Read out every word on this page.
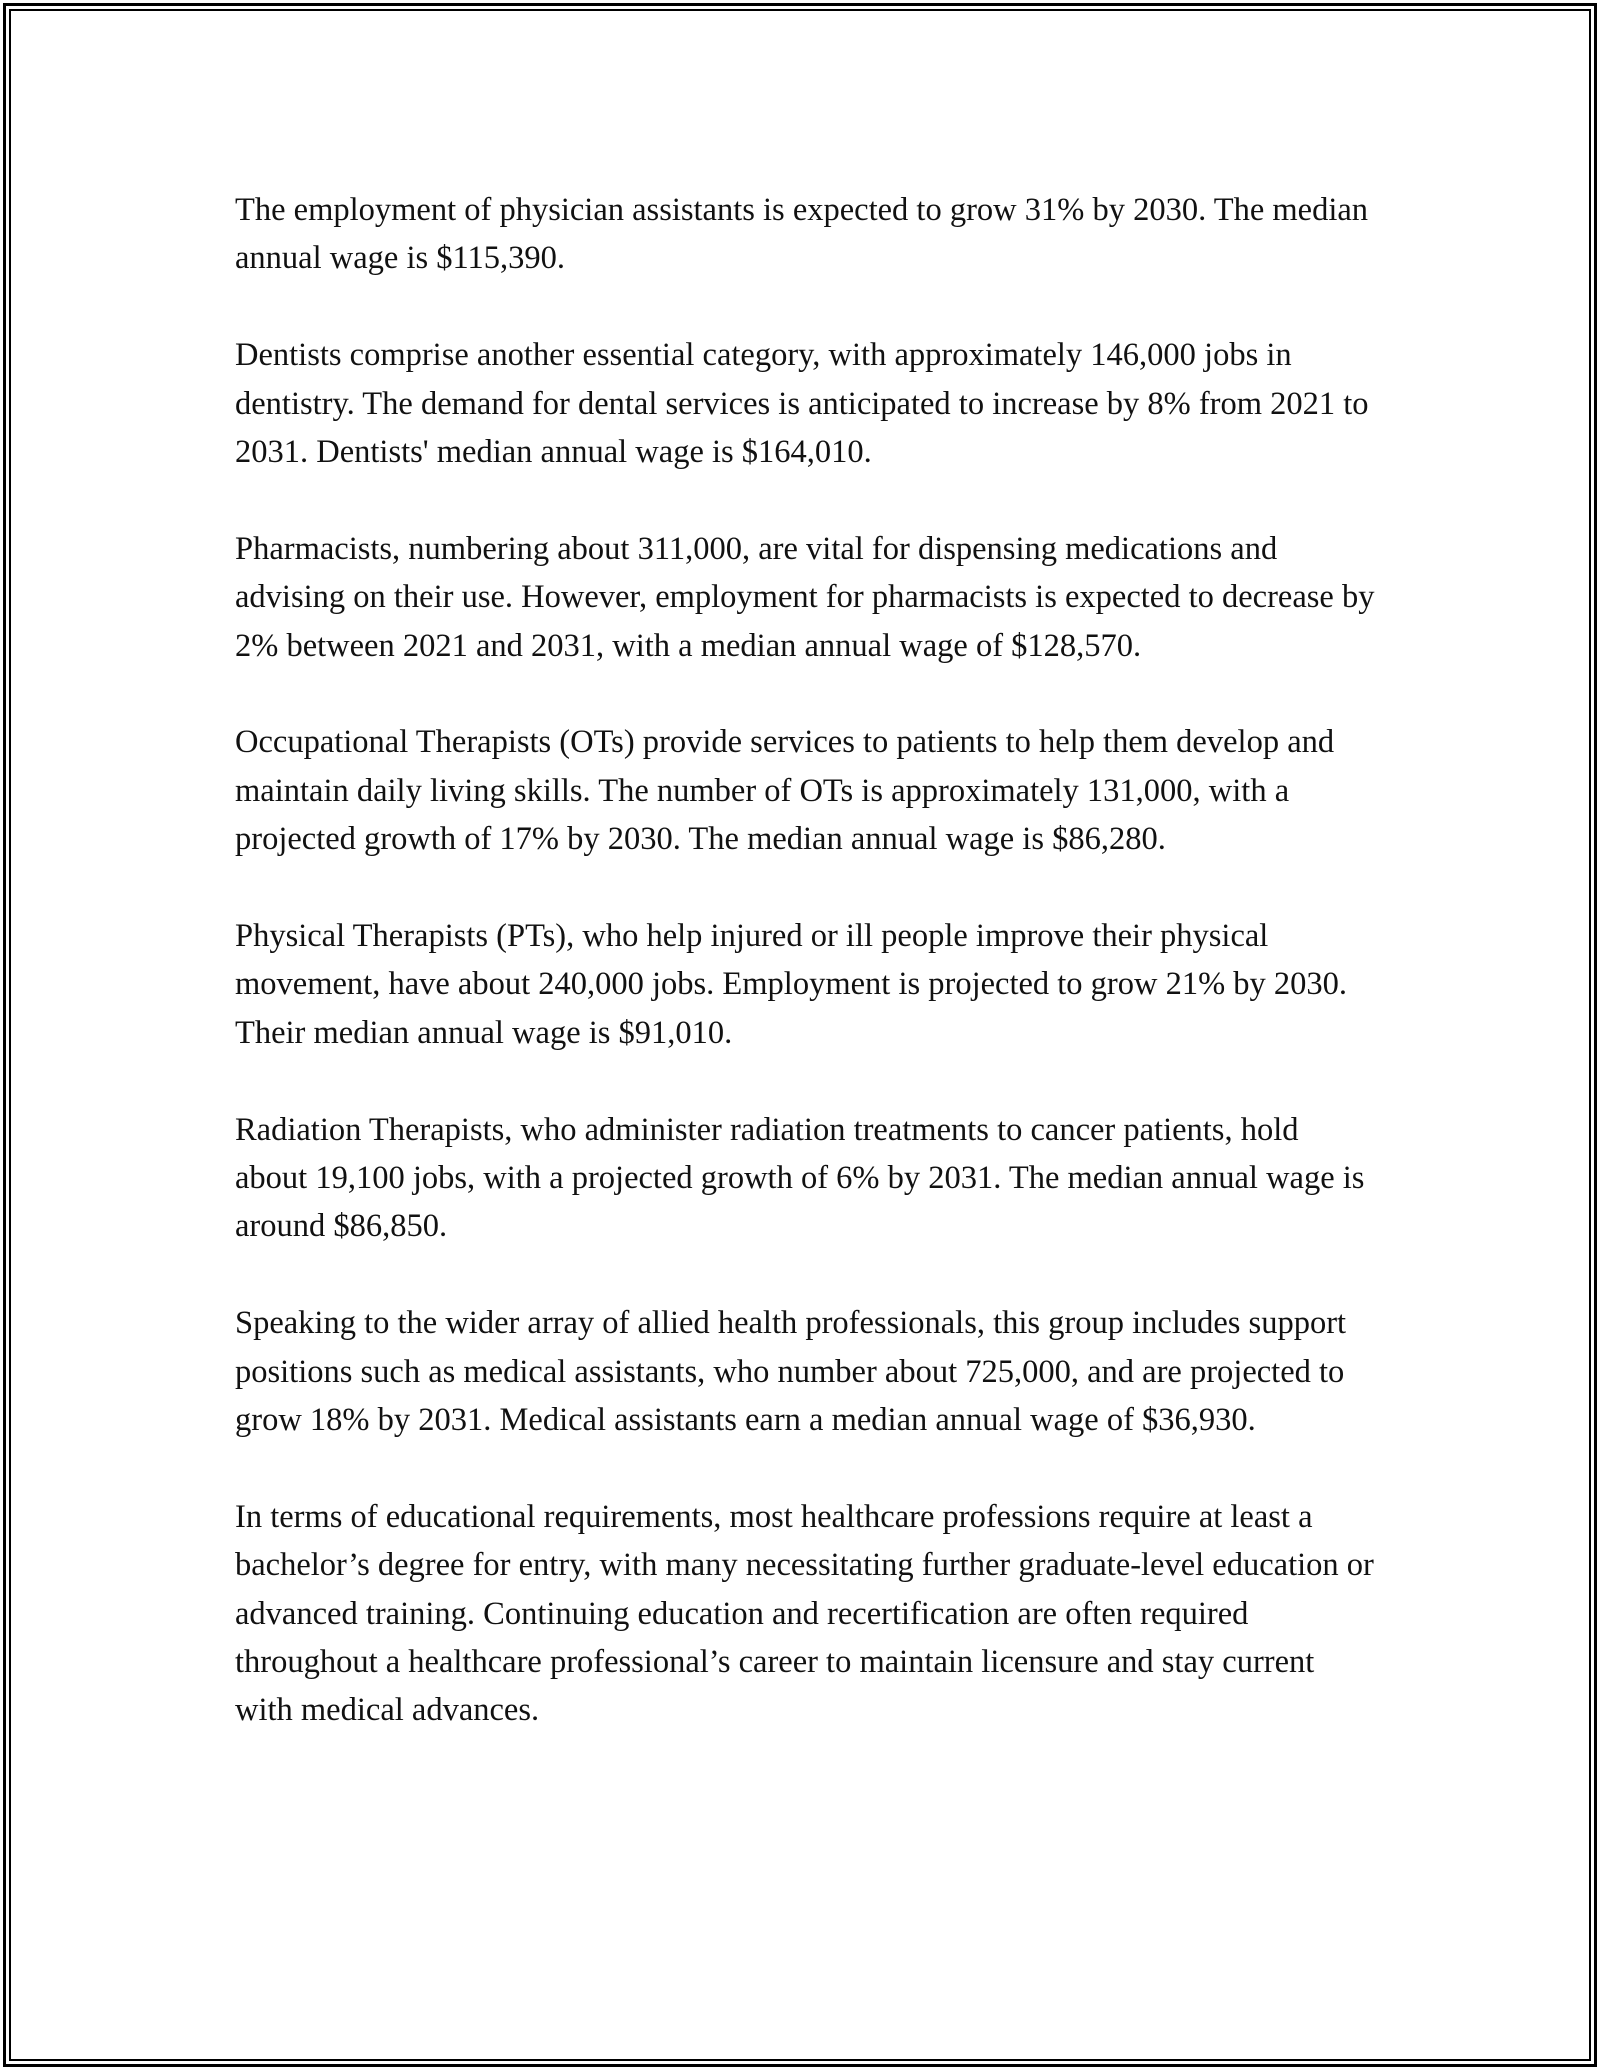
The employment of physician assistants is expected to grow 31% by 2030. The median annual wage is $115,390.

Dentists comprise another essential category, with approximately 146,000 jobs in dentistry. The demand for dental services is anticipated to increase by 8% from 2021 to 2031. Dentists' median annual wage is $164,010.

Pharmacists, numbering about 311,000, are vital for dispensing medications and advising on their use. However, employment for pharmacists is expected to decrease by 2% between 2021 and 2031, with a median annual wage of $128,570.

Occupational Therapists (OTs) provide services to patients to help them develop and maintain daily living skills. The number of OTs is approximately 131,000, with a projected growth of 17% by 2030. The median annual wage is $86,280.

Physical Therapists (PTs), who help injured or ill people improve their physical movement, have about 240,000 jobs. Employment is projected to grow 21% by 2030. Their median annual wage is $91,010.

Radiation Therapists, who administer radiation treatments to cancer patients, hold about 19,100 jobs, with a projected growth of 6% by 2031. The median annual wage is around $86,850.

Speaking to the wider array of allied health professionals, this group includes support positions such as medical assistants, who number about 725,000, and are projected to grow 18% by 2031. Medical assistants earn a median annual wage of $36,930.

In terms of educational requirements, most healthcare professions require at least a bachelor’s degree for entry, with many necessitating further graduate-level education or advanced training. Continuing education and recertification are often required throughout a healthcare professional’s career to maintain licensure and stay current with medical advances.
